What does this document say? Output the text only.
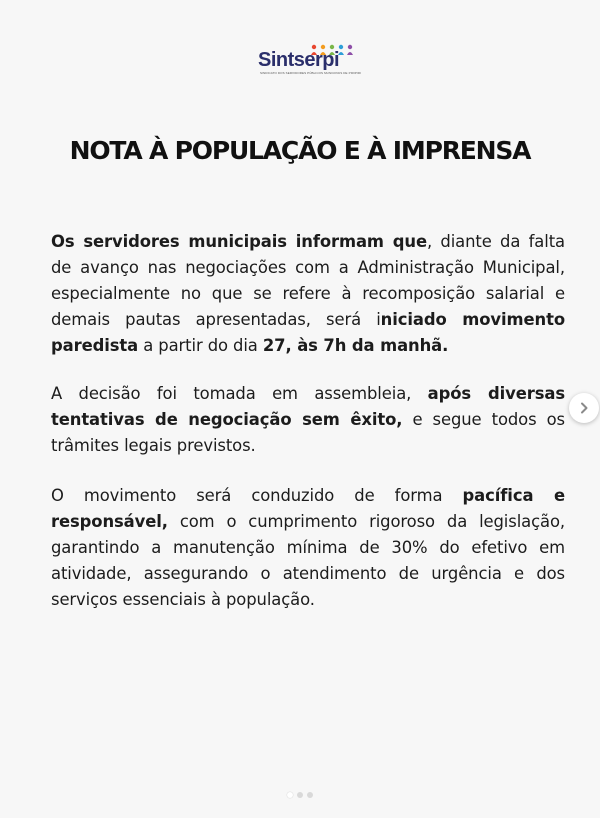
Sintserpi
SINDICATO DOS SERVIDORES PÚBLICOS MUNICIPAIS DE PIRIPIRI
NOTA À POPULAÇÃO E À IMPRENSA

Os servidores municipais informam que, diante da falta de avanço nas negociações com a Administração Municipal, especialmente no que se refere à recomposição salarial e demais pautas apresentadas, será iniciado movimento paredista a partir do dia 27, às 7h da manhã.

A decisão foi tomada em assembleia, após diversas tentativas de negociação sem êxito, e segue todos os trâmites legais previstos.

O movimento será conduzido de forma pacífica e responsável, com o cumprimento rigoroso da legislação, garantindo a manutenção mínima de 30% do efetivo em atividade, assegurando o atendimento de urgência e dos serviços essenciais à população.
